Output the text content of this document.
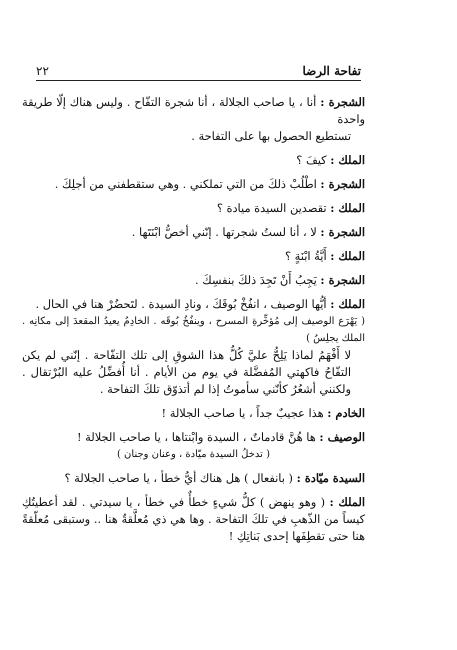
تفاحة الرضا
٢٢

الشجرة : أنا ، يا صاحب الجلالة ، أنا شجرة التفّاح . وليس هناك إلّا طريقة واحدة
تستطيع الحصول بها على التفاحة .

الملك : كيفَ ؟

الشجرة : اطْلُبْ ذلكَ من التي تملكني . وهي ستقطفني من أجلِكَ .

الملك : تقصدين السيدة ميادة ؟

الشجرة : لا ، أنا لستُ شجرتها . إنّني أخصُّ ابْنَتَها .

الملك : أَيَّةُ ابْنَةٍ ؟

الشجرة : يَجِبُ أَنْ تَجِدَ ذلكَ بنفسِكَ .

الملك : أيُّها الوصيف ، انفُخْ بُوقَكَ ، ونادِ السيدة . لتَحضُرْ هنا في الحال .
( يَهْرَع الوصيف إلى مُؤخِّرةِ المسرح ، وينفُخُ بُوقَه . الخادِمُ يعيدُ المقعدَ إلى مكانِه . الملك يجلِسُ )
لا أَفْهَمُ لماذا يَلِحُّ عليَّ كُلُّ هذا الشوقِ إلى تلك التفّاحة . إنّني لم يكن التفّاحُ فاكهتي المُفضَّلة في يوم من الأيام . أنا أُفضِّلُ عليه البُرْتقال . ولكنني أشعُرُ كأنّني سأموتُ إذا لم أتذوّق تلكَ التفاحة .

الخادم : هذا عجيبٌ جداً ، يا صاحب الجلالة !

الوصيف : ها هُنَّ قادماتٌ ، السيدة وابْنتاها ، يا صاحب الجلالة !
( تدخلُ السيدة ميّادة ، وعنان وجنان )

السيدة ميّادة : ( بانفعال ) هل هناك أيُّ خطأ ، يا صاحب الجلالة ؟

الملك : ( وهو ينهض ) كلُّ شيءٍ خطأٌ في خطأ ، يا سيدتي . لقد أعطيتُكِ كيساً من الذّهبِ في تلكَ التفاحة . وها هي ذي مُعلَّقةٌ هنا .. وستبقى مُعلّقةً هنا حتى تقطِفَها إحدى بَناتِكِ !
